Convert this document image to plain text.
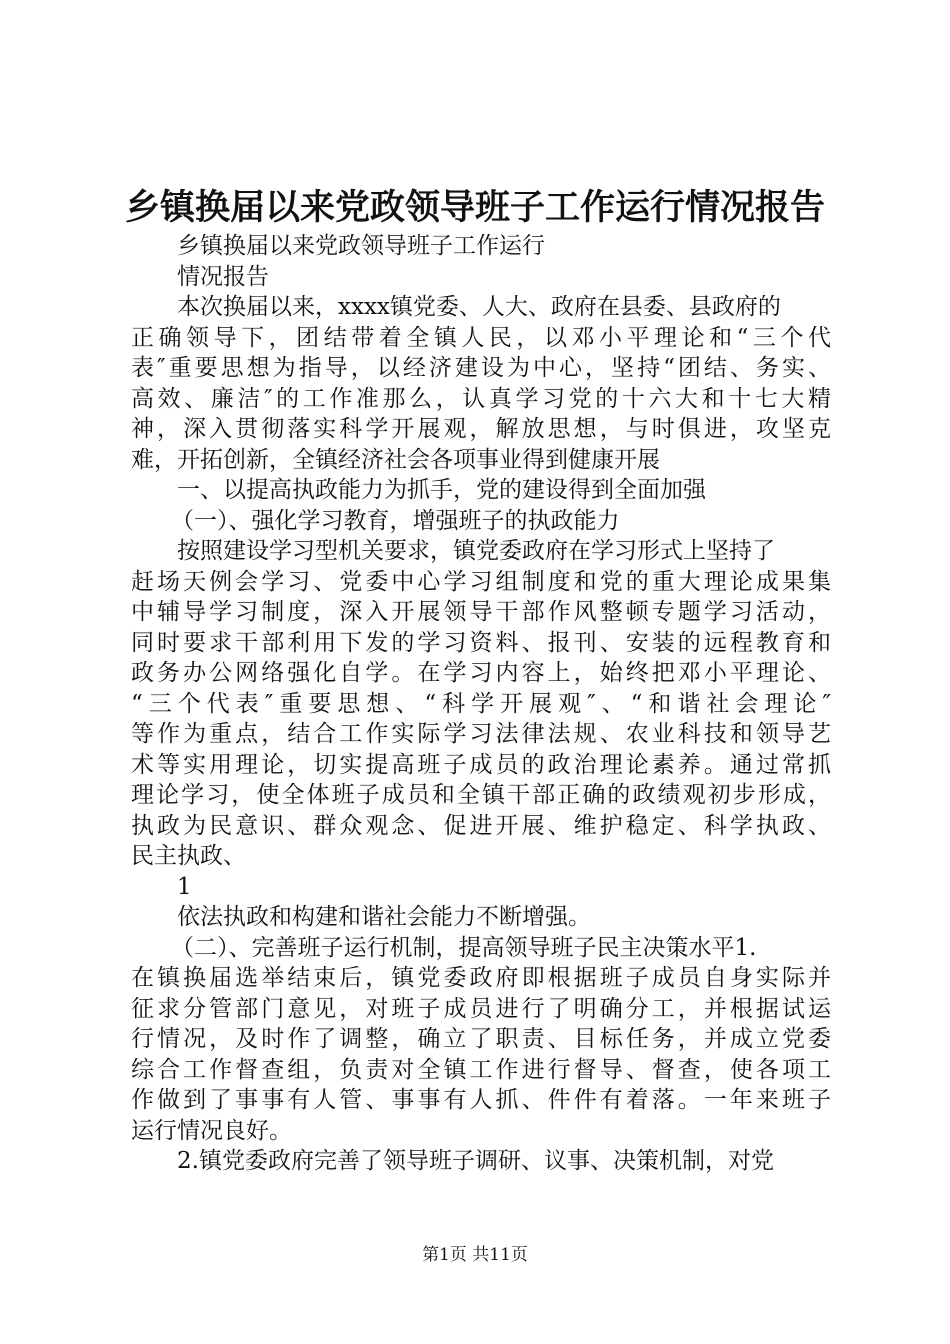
乡镇换届以来党政领导班子工作运行情况报告
乡镇换届以来党政领导班子工作运行
情况报告
本次换届以来，xxxx镇党委、人大、政府在县委、县政府的
正确领导下，团结带着全镇人民，以邓小平理论和“三个代
表″重要思想为指导，以经济建设为中心，坚持“团结、务实、
高效、廉洁″的工作准那么，认真学习党的十六大和十七大精
神，深入贯彻落实科学开展观，解放思想，与时俱进，攻坚克
难，开拓创新，全镇经济社会各项事业得到健康开展
一、以提高执政能力为抓手，党的建设得到全面加强
（一）、强化学习教育，增强班子的执政能力
按照建设学习型机关要求，镇党委政府在学习形式上坚持了
赶场天例会学习、党委中心学习组制度和党的重大理论成果集
中辅导学习制度，深入开展领导干部作风整顿专题学习活动，
同时要求干部利用下发的学习资料、报刊、安装的远程教育和
政务办公网络强化自学。在学习内容上，始终把邓小平理论、
“三个代表″重要思想、“科学开展观″、“和谐社会理论″
等作为重点，结合工作实际学习法律法规、农业科技和领导艺
术等实用理论，切实提高班子成员的政治理论素养。通过常抓
理论学习，使全体班子成员和全镇干部正确的政绩观初步形成，
执政为民意识、群众观念、促进开展、维护稳定、科学执政、
民主执政、
1
依法执政和构建和谐社会能力不断增强。
（二）、完善班子运行机制，提高领导班子民主决策水平1.
在镇换届选举结束后，镇党委政府即根据班子成员自身实际并
征求分管部门意见，对班子成员进行了明确分工，并根据试运
行情况，及时作了调整，确立了职责、目标任务，并成立党委
综合工作督查组，负责对全镇工作进行督导、督查，使各项工
作做到了事事有人管、事事有人抓、件件有着落。一年来班子
运行情况良好。
2.镇党委政府完善了领导班子调研、议事、决策机制，对党
第1页 共11页
